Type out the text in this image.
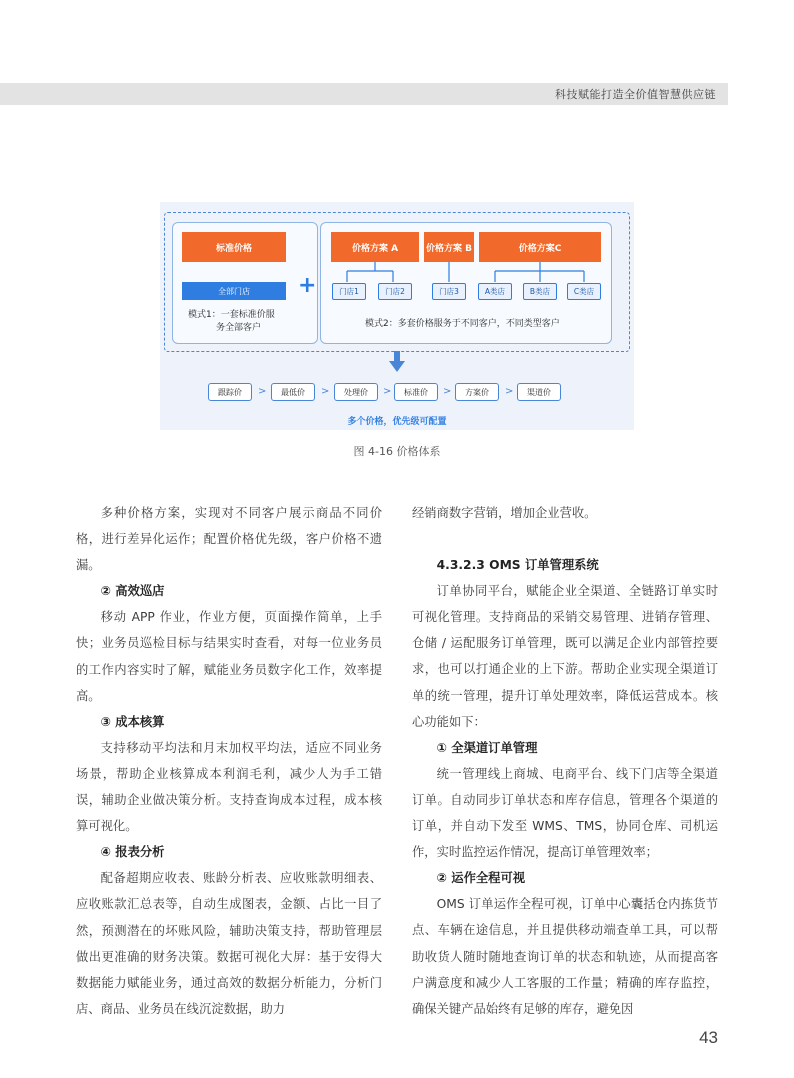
科技赋能打造全价值智慧供应链
标准价格
全部门店
模式1：一套标准价服
务全部客户
+
价格方案 A	价格方案 B	价格方案C
门店1	门店2	门店3	A类店	B类店	C类店
模式2：多套价格服务于不同客户，不同类型客户
跟踪价	>	最低价	>	处理价	>	标准价	>	方案价	>	渠道价
多个价格，优先级可配置
图 4-16 价格体系

多种价格方案，实现对不同客户展示商品不同价格，进行差异化运作；配置价格优先级，客户价格不遗漏。

② 高效巡店

移动 APP 作业，作业方便，页面操作简单，上手快；业务员巡检目标与结果实时查看，对每一位业务员的工作内容实时了解，赋能业务员数字化工作，效率提高。

③ 成本核算

支持移动平均法和月末加权平均法，适应不同业务场景，帮助企业核算成本利润毛利，减少人为手工错误，辅助企业做决策分析。支持查询成本过程，成本核算可视化。

④ 报表分析

配备超期应收表、账龄分析表、应收账款明细表、应收账款汇总表等，自动生成图表，金额、占比一目了然，预测潜在的坏账风险，辅助决策支持，帮助管理层做出更准确的财务决策。数据可视化大屏：基于安得大数据能力赋能业务，通过高效的数据分析能力，分析门店、商品、业务员在线沉淀数据，助力

经销商数字营销，增加企业营收。

4.3.2.3 OMS 订单管理系统

订单协同平台，赋能企业全渠道、全链路订单实时可视化管理。支持商品的采销交易管理、进销存管理、仓储 / 运配服务订单管理，既可以满足企业内部管控要求，也可以打通企业的上下游。帮助企业实现全渠道订单的统一管理，提升订单处理效率，降低运营成本。核心功能如下：

① 全渠道订单管理

统一管理线上商城、电商平台、线下门店等全渠道订单。自动同步订单状态和库存信息，管理各个渠道的订单，并自动下发至 WMS、TMS，协同仓库、司机运作，实时监控运作情况，提高订单管理效率；

② 运作全程可视

OMS 订单运作全程可视，订单中心囊括仓内拣货节点、车辆在途信息，并且提供移动端查单工具，可以帮助收货人随时随地查询订单的状态和轨迹，从而提高客户满意度和减少人工客服的工作量；精确的库存监控，确保关键产品始终有足够的库存，避免因

43
